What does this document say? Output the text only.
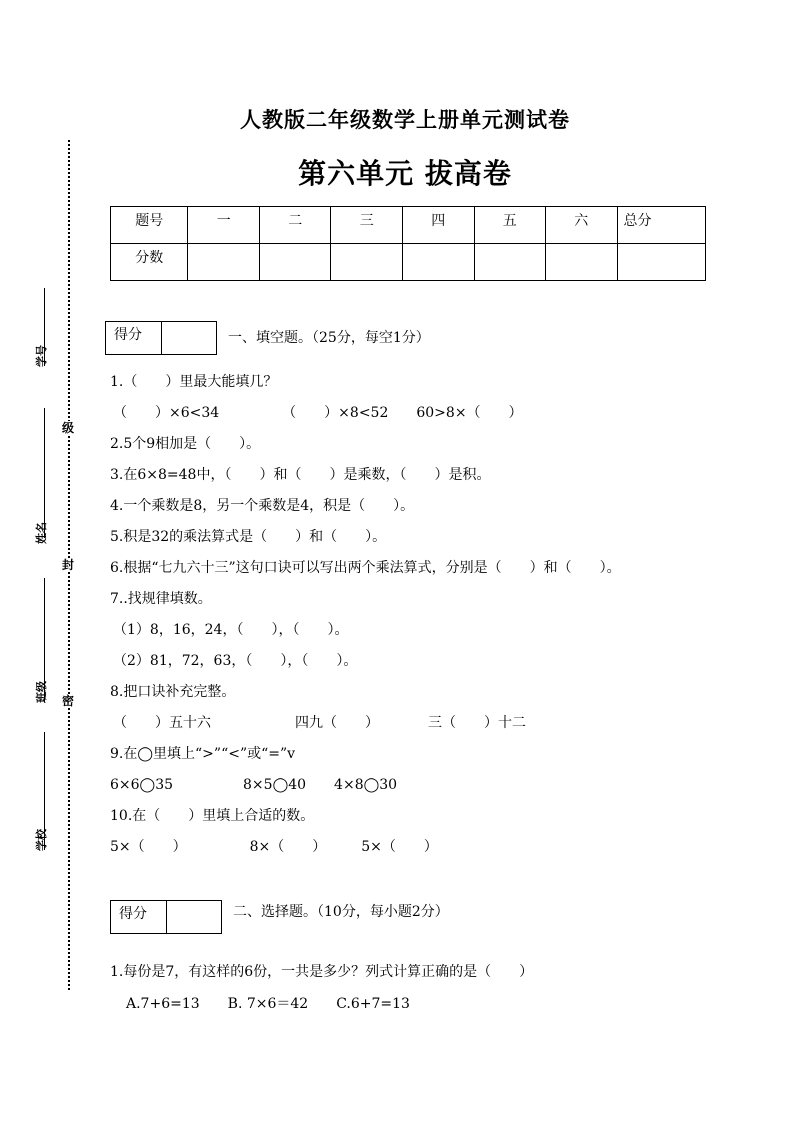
学号
姓名
班级
学校
级
封
密
人教版二年级数学上册单元测试卷
第六单元 拔高卷
题号	一	二	三	四	五	六	总分

分数							

得分	一、填空题。（25分，每空1分）
1.（　　）里最大能填几？
（　　）×6<34　　　　　（　　）×8<52　　60>8×（　　）
2.5个9相加是（　　）。
3.在6×8=48中，（　　）和（　　）是乘数，（　　）是积。
4.一个乘数是8，另一个乘数是4，积是（　　）。
5.积是32的乘法算式是（　　）和（　　）。
6.根据“七九六十三”这句口诀可以写出两个乘法算式，分别是（　　）和（　　）。
7..找规律填数。
（1）8，16，24，（　　），（　　）。
（2）81，72，63，（　　），（　　）。
8.把口诀补充完整。
（　　）五十六　　　　　　四九（　　）　　　　三（　　）十二
9.在◯里填上“>”“<”或“=”v
6×6◯35　　　　　8×5◯40　　4×8◯30
10.在（　　）里填上合适的数。
5×（　　）　　　　　8×（　　）　　　5×（　　）
得分	二、选择题。（10分，每小题2分）
1.每份是7，有这样的6份，一共是多少？列式计算正确的是（　　）
A.7+6=13　　B. 7×6＝42　　C.6+7=13
